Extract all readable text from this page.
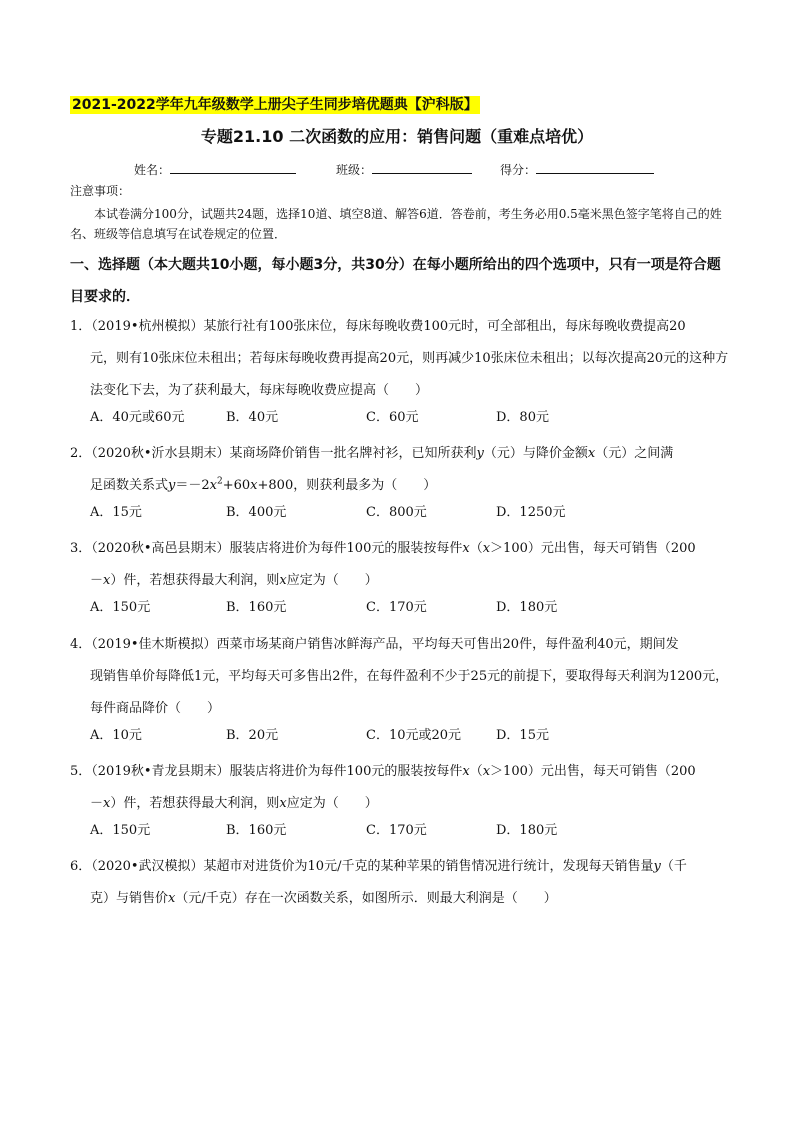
2021-2022学年九年级数学上册尖子生同步培优题典【沪科版】
专题21.10 二次函数的应用：销售问题（重难点培优）
姓名：	班级：	得分：
注意事项：
本试卷满分100分，试题共24题，选择10道、填空8道、解答6道．答卷前，考生务必用0.5毫米黑色签字笔将自己的姓名、班级等信息填写在试卷规定的位置．
一、选择题（本大题共10小题，每小题3分，共30分）在每小题所给出的四个选项中，只有一项是符合题目要求的．
1．（2019•杭州模拟）某旅行社有100张床位，每床每晚收费100元时，可全部租出，每床每晚收费提高20
元，则有10张床位未租出；若每床每晚收费再提高20元，则再减少10张床位未租出；以每次提高20元的这种方法变化下去，为了获利最大，每床每晚收费应提高（　　）
A．40元或60元	B．40元	C．60元	D．80元
2．（2020秋•沂水县期末）某商场降价销售一批名牌衬衫，已知所获利y（元）与降价金额x（元）之间满
足函数关系式$y=-2x^2+60x+800$，则获利最多为（　　）
A．15元	B．400元	C．800元	D．1250元
3．（2020秋•高邑县期末）服装店将进价为每件100元的服装按每件x（x＞100）元出售，每天可销售（200
－x）件，若想获得最大利润，则x应定为（　　）
A．150元	B．160元	C．170元	D．180元
4．（2019•佳木斯模拟）西菜市场某商户销售冰鲜海产品，平均每天可售出20件，每件盈利40元，期间发
现销售单价每降低1元，平均每天可多售出2件，在每件盈利不少于25元的前提下，要取得每天利润为1200元，每件商品降价（　　）
A．10元	B．20元	C．10元或20元	D．15元
5．（2019秋•青龙县期末）服装店将进价为每件100元的服装按每件x（x＞100）元出售，每天可销售（200
－x）件，若想获得最大利润，则x应定为（　　）
A．150元	B．160元	C．170元	D．180元
6．（2020•武汉模拟）某超市对进货价为10元/千克的某种苹果的销售情况进行统计，发现每天销售量y（千
克）与销售价x（元/千克）存在一次函数关系，如图所示．则最大利润是（　　）
